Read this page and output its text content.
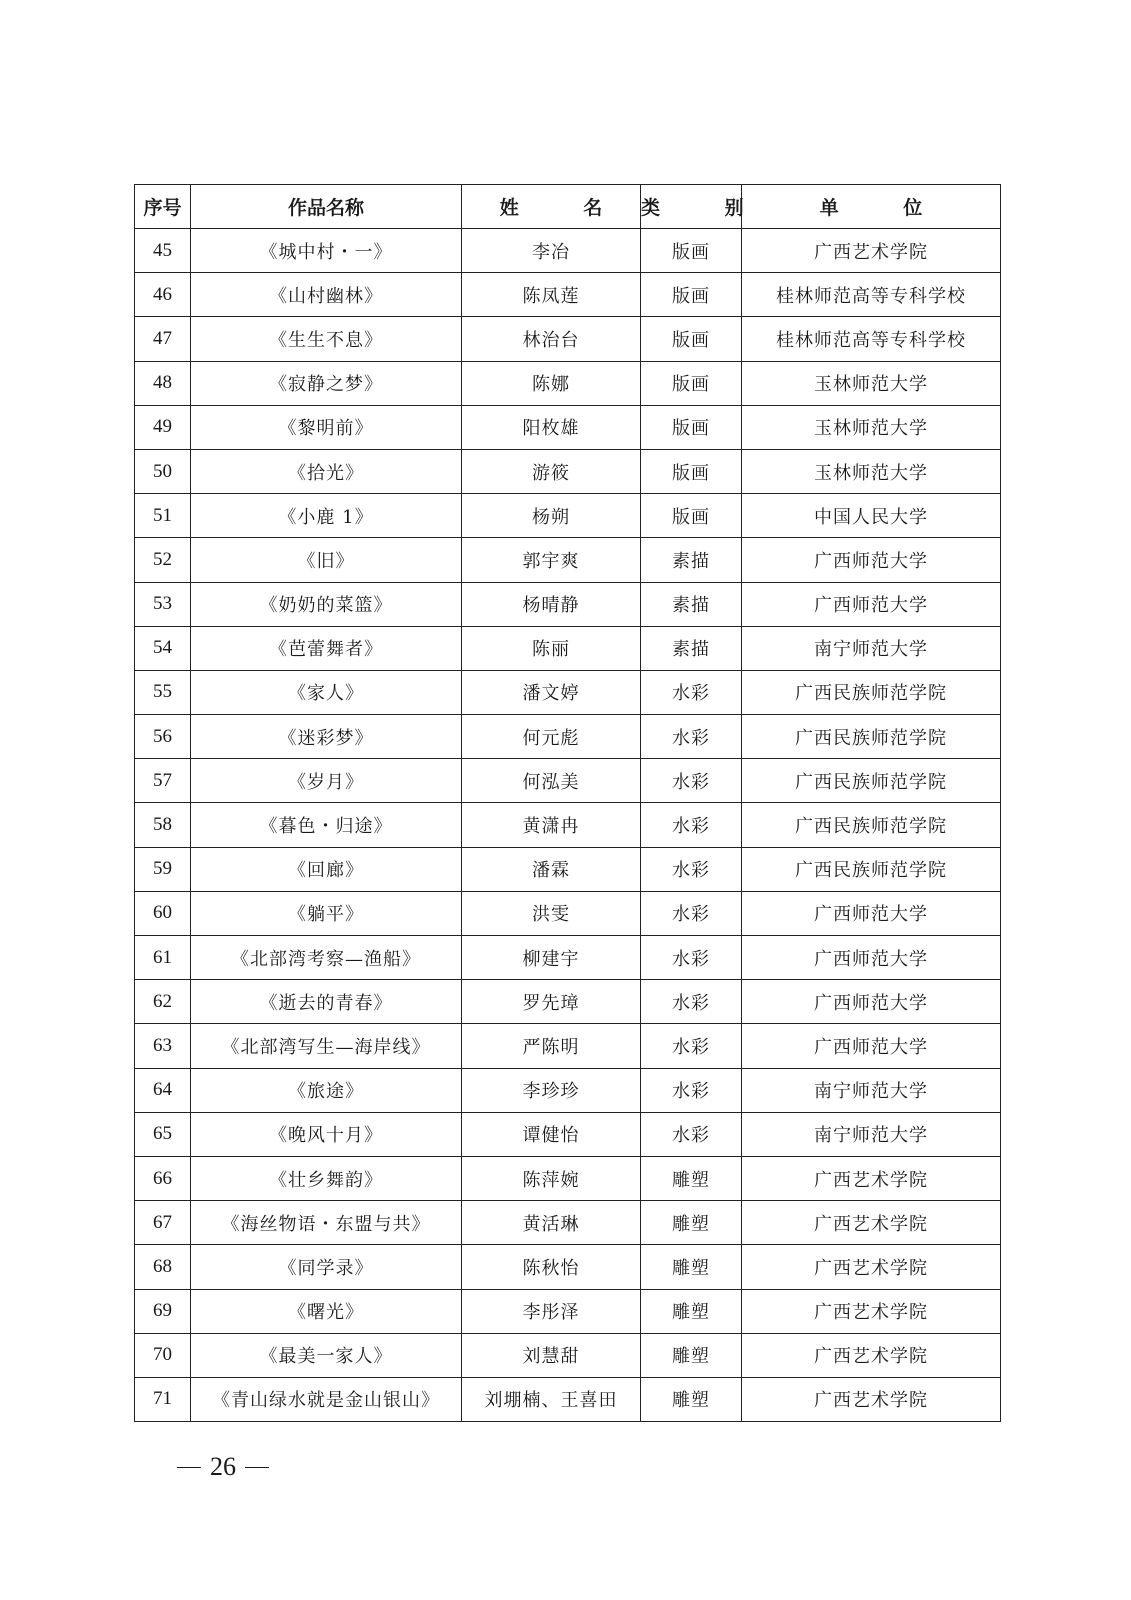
序号	作品名称	姓　名	类　别	单　位
45	《城中村・一》	李冶	版画	广西艺术学院
46	《山村幽林》	陈凤莲	版画	桂林师范高等专科学校
47	《生生不息》	林治台	版画	桂林师范高等专科学校
48	《寂静之梦》	陈娜	版画	玉林师范大学
49	《黎明前》	阳枚雄	版画	玉林师范大学
50	《拾光》	游筱	版画	玉林师范大学
51	《小鹿 1》	杨朔	版画	中国人民大学
52	《旧》	郭宇爽	素描	广西师范大学
53	《奶奶的菜篮》	杨晴静	素描	广西师范大学
54	《芭蕾舞者》	陈丽	素描	南宁师范大学
55	《家人》	潘文婷	水彩	广西民族师范学院
56	《迷彩梦》	何元彪	水彩	广西民族师范学院
57	《岁月》	何泓美	水彩	广西民族师范学院
58	《暮色・归途》	黄潇冉	水彩	广西民族师范学院
59	《回廊》	潘霖	水彩	广西民族师范学院
60	《躺平》	洪雯	水彩	广西师范大学
61	《北部湾考察—渔船》	柳建宇	水彩	广西师范大学
62	《逝去的青春》	罗先璋	水彩	广西师范大学
63	《北部湾写生—海岸线》	严陈明	水彩	广西师范大学
64	《旅途》	李珍珍	水彩	南宁师范大学
65	《晚风十月》	谭健怡	水彩	南宁师范大学
66	《壮乡舞韵》	陈萍婉	雕塑	广西艺术学院
67	《海丝物语・东盟与共》	黄活琳	雕塑	广西艺术学院
68	《同学录》	陈秋怡	雕塑	广西艺术学院
69	《曙光》	李彤泽	雕塑	广西艺术学院
70	《最美一家人》	刘慧甜	雕塑	广西艺术学院
71	《青山绿水就是金山银山》	刘堋楠、王喜田	雕塑	广西艺术学院
26
